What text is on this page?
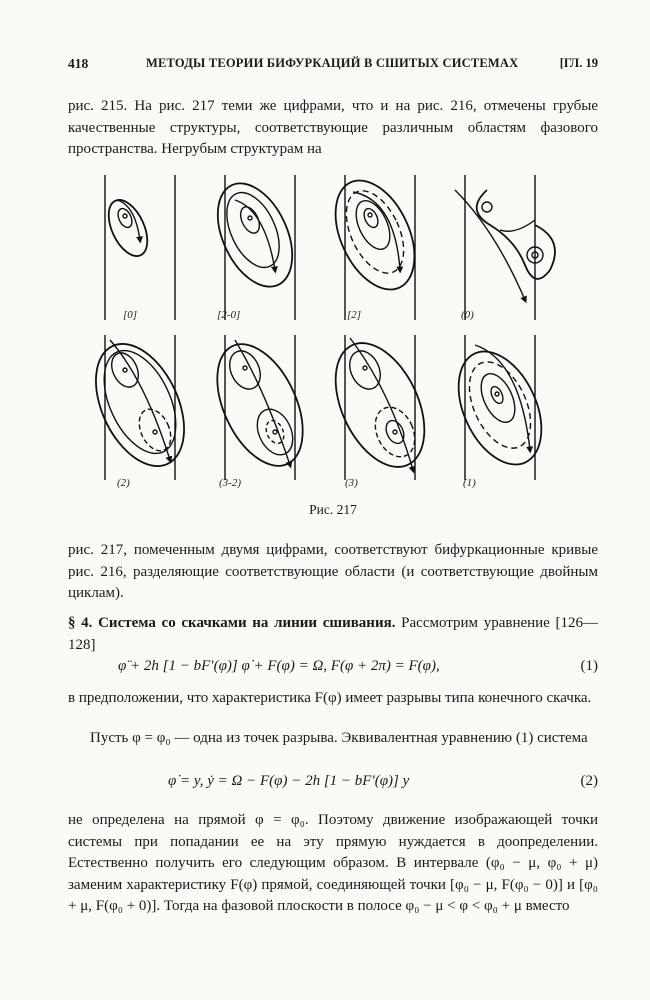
418	МЕТОДЫ ТЕОРИИ БИФУРКАЦИЙ В СШИТЫХ СИСТЕМАХ	[ГЛ. 19
рис. 215. На рис. 217 теми же цифрами, что и на рис. 216, отмечены грубые качественные структуры, соответствующие различным областям фазового пространства. Негрубым структурам на
[0]	[2-0]	[2]	(0)
(2)	(3-2)	(3)	(1)
Рис. 217
рис. 217, помеченным двумя цифрами, соответствуют бифуркационные кривые рис. 216, разделяющие соответствующие области (и соответствующие двойным циклам).
§ 4. Система со скачками на линии сшивания. Рассмотрим уравнение [126—128]
φ̈ + 2h [1 − bF′(φ)] φ̇ + F(φ) = Ω, F(φ + 2π) = F(φ),	(1)
в предположении, что характеристика F(φ) имеет разрывы типа конечного скачка.
Пусть φ = φ₀ — одна из точек разрыва. Эквивалентная уравнению (1) система
φ̇ = y, ẏ = Ω − F(φ) − 2h [1 − bF′(φ)] y	(2)
не определена на прямой φ = φ₀. Поэтому движение изображающей точки системы при попадании ее на эту прямую нуждается в доопределении. Естественно получить его следующим образом. В интервале (φ₀ − μ, φ₀ + μ) заменим характеристику F(φ) прямой, соединяющей точки [φ₀ − μ, F(φ₀ − 0)] и [φ₀ + μ, F(φ₀ + 0)]. Тогда на фазовой плоскости в полосе φ₀ − μ < φ < φ₀ + μ вместо
